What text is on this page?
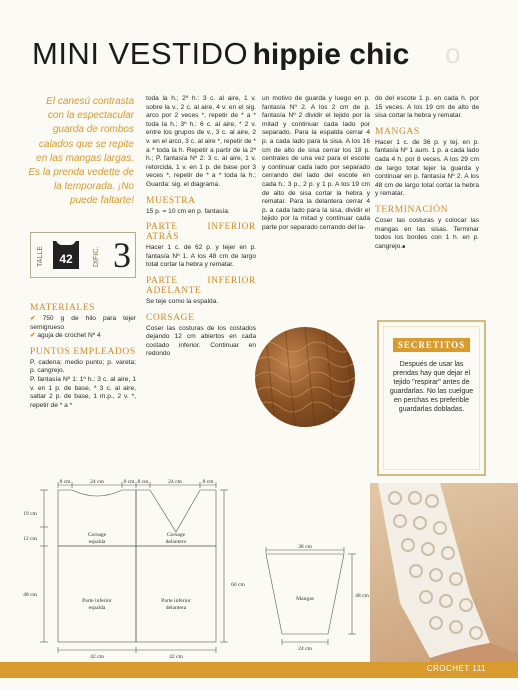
MINI VESTIDO hippie chic o
El canesú contrasta con la espectacular guarda de rombos calados que se repite en las mangas largas. Es la prenda vedette de la temporada. ¡No puede faltarte!
TALLE	42	DIFIC. 3
MATERIALES
✔ 750 g de hilo para tejer semigrueso
✔ aguja de crochet Nº 4
PUNTOS EMPLEADOS
P. cadena; medio punto; p. vareta; p. cangrejo.
P. fantasía Nº 1: 1º h.: 3 c. al aire, 1 v. en 1 p. de base, * 3 c. al aire, saltar 2 p. de base, 1 m.p., 2 v. *, repetir de * a *
toda la h.; 2º h.: 3 c. al aire, 1 v. sobre la v., 2 c. al aire, 4 v. en el sig. arco por 2 veces *, repetir de * a * toda la h.; 3º h.: 6 c. al aire, * 2 v. entre los grupos de v., 3 c. al aire, 2 v. en el arco, 3 c. al aire *, repetir de * a * toda la h. Repetir a partir de la 2º h.; P. fantasía Nº 2: 3 c. al aire, 1 v. retorcida, 1 v. en 1 p. de base por 3 veces *, repetir de * a * toda la h.; Guarda: sig. el diagrama.
MUESTRA
15 p. = 10 cm en p. fantasía.
PARTE INFERIOR ATRÁS
Hacer 1 c. de 62 p. y tejer en p. fantasía Nº 1. A los 48 cm de largo total cortar la hebra y rematar.
PARTE INFERIOR ADELANTE
Se teje como la espalda.
CORSAGE
Coser las costuras de los costados dejando 12 cm abiertos en cada costado inferior. Continuar en redondo
un motivo de guarda y luego en p. fantasía Nº 2. A los 2 cm de p. fantasía Nº 2 dividir el tejido por la mitad y continuar cada lado por separado. Para la espalda cerrar 4 p. a cada lado para la sisa. A los 16 cm de alto de sisa cerrar los 18 p. centrales de una vez para el escote y continuar cada lado por separado cerrando del lado del escote en cada h.: 3 p., 2 p. y 1 p. A los 19 cm de alto de sisa cortar la hebra y rematar. Para la delantera cerrar 4 p. a cada lado para la sisa, dividir el tejido por la mitad y continuar cada parte por separado cerrando del la-
do del escote 1 p. en cada h. por 15 veces. A los 19 cm de alto de sisa cortar la hebra y rematar.
MANGAS
Hacer 1 c. de 36 p. y tej. en p. fantasía Nº 1 aum. 1 p. a cada lado cada 4 h. por 8 veces. A los 29 cm de largo total tejer la guarda y continuar en p. fantasía Nº 2. A los 48 cm de largo total cortar la hebra y rematar.
TERMINACIÓN
Coser las costuras y colocar las mangas en las sisas. Terminar todos los bordes con 1 h. en p. cangrejo.■
SECRETITOS
Después de usar las prendas hay que dejar el tejido "respirar" antes de guardarlas. No las cuelgue en perchas es preferible guardarlas dobladas.
8 cm	24 cm	8 cm 8 cm	24 cm	8 cm
Corsage
espalda
Corsage
delantero
Parte inferior
espalda
Parte inferior
delantera
19 cm
12 cm
48 cm
60 cm
42 cm	42 cm
38 cm
Mangas	48 cm
24 cm
CROCHET 111
